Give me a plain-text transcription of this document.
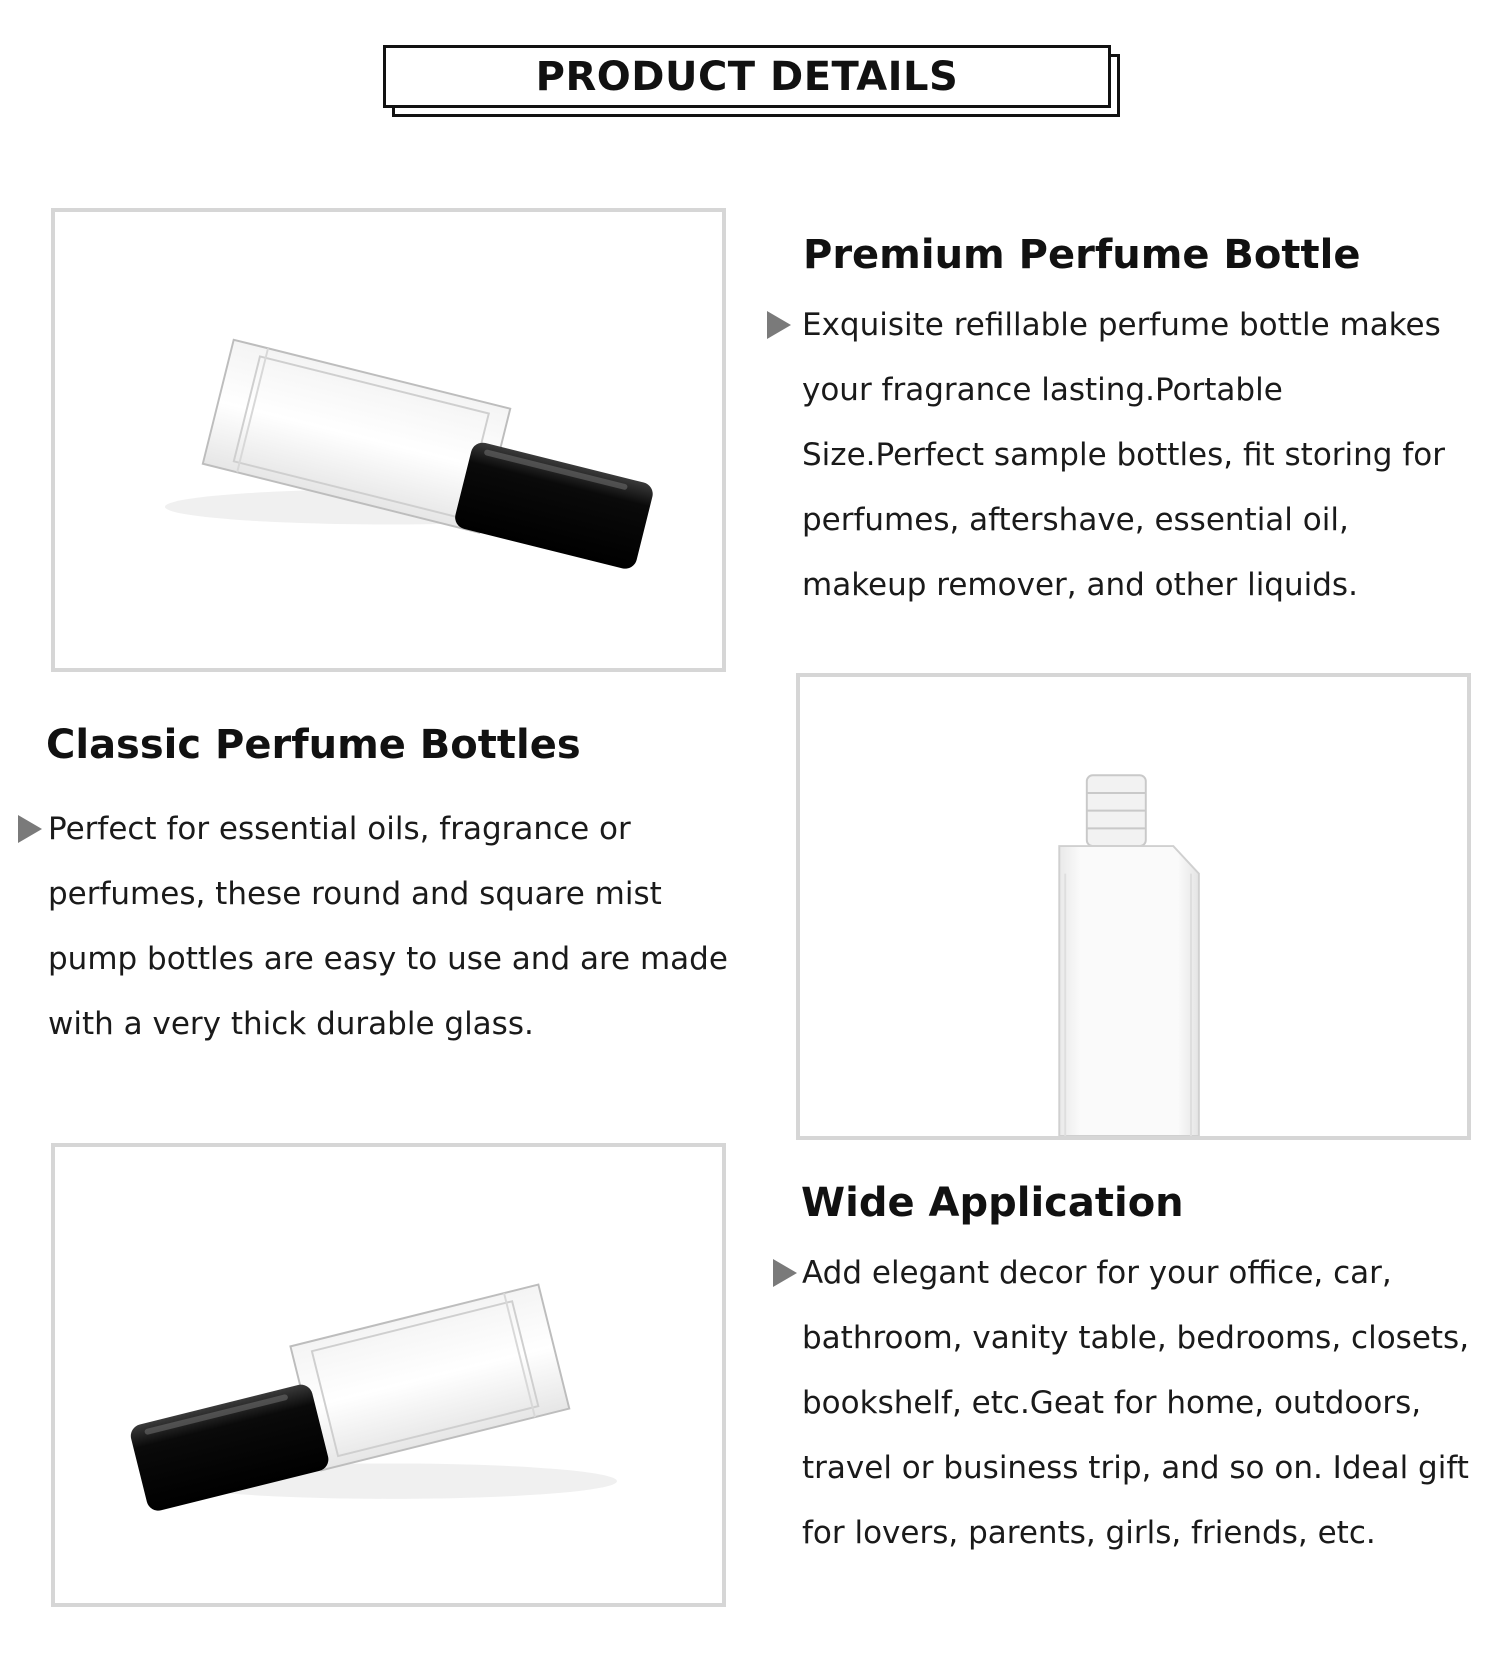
PRODUCT DETAILS
Premium Perfume Bottle

Exquisite refillable perfume bottle makes your fragrance lasting.Portable Size.Perfect sample bottles, fit storing for perfumes, aftershave, essential oil, makeup remover, and other liquids.

Classic Perfume Bottles

Perfect for essential oils, fragrance or perfumes, these round and square mist pump bottles are easy to use and are made with a very thick durable glass.

Wide Application

Add elegant decor for your office, car, bathroom, vanity table, bedrooms, closets, bookshelf, etc.Geat for home, outdoors, travel or business trip, and so on. Ideal gift for lovers, parents, girls, friends, etc.
